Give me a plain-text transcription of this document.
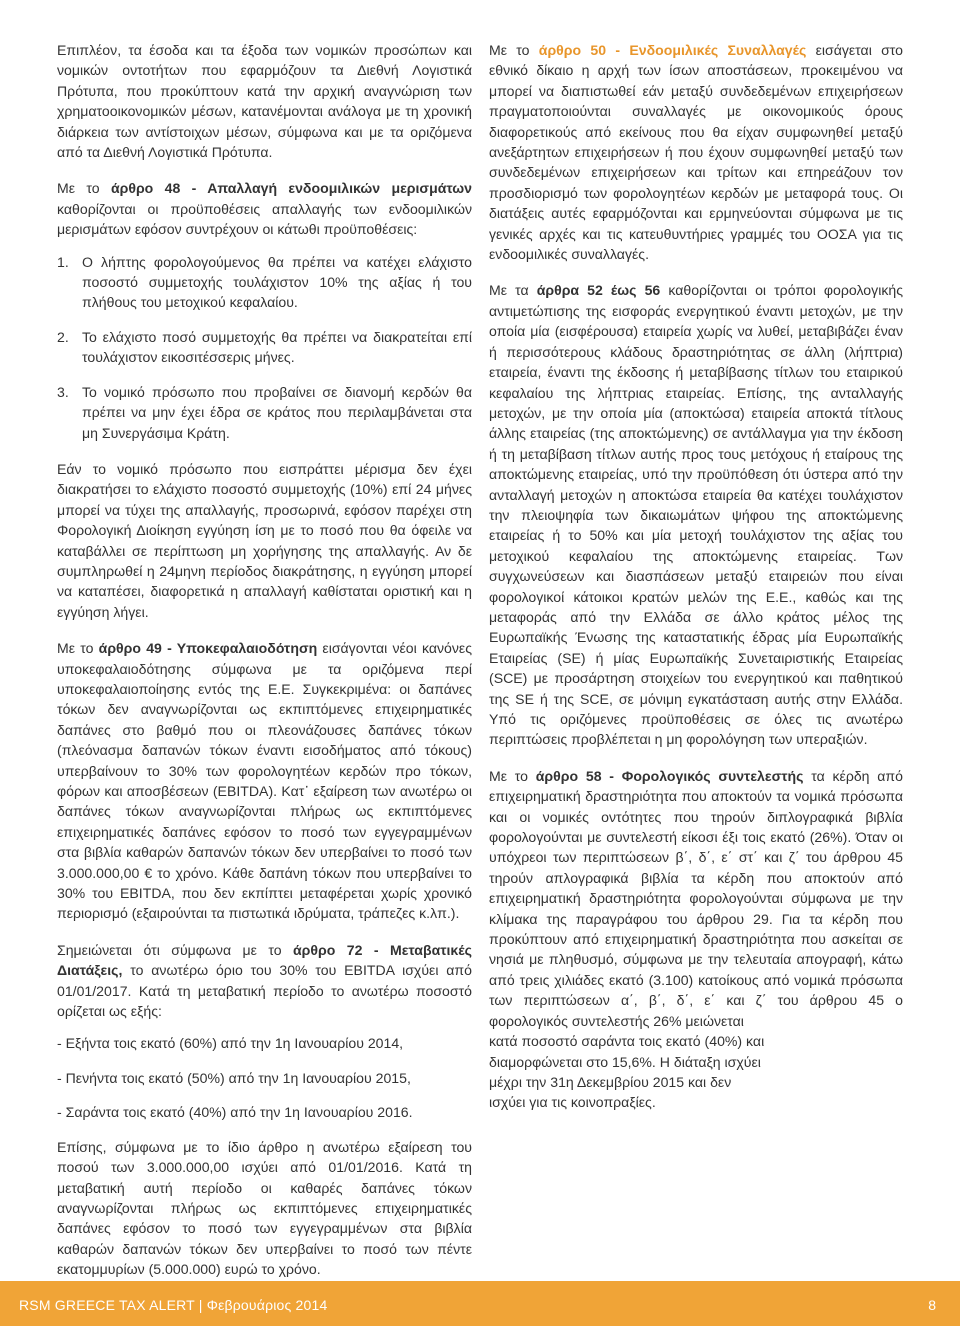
Επιπλέον, τα έσοδα και τα έξοδα των νομικών προσώπων και νομικών οντοτήτων που εφαρμόζουν τα Διεθνή Λογιστικά Πρότυπα, που προκύπτουν κατά την αρχική αναγνώριση των χρηματοοικονομικών μέσων, κατανέμονται ανάλογα με τη χρονική διάρκεια των αντίστοιχων μέσων, σύμφωνα και με τα οριζόμενα από τα Διεθνή Λογιστικά Πρότυπα.

Με το άρθρο 48 - Απαλλαγή ενδοομιλικών μερισμάτων καθορίζονται οι προϋποθέσεις απαλλαγής των ενδοομιλικών μερισμάτων εφόσον συντρέχουν οι κάτωθι προϋποθέσεις:

1. Ο λήπτης φορολογούμενος θα πρέπει να κατέχει ελάχιστο ποσοστό συμμετοχής τουλάχιστον 10% της αξίας ή του πλήθους του μετοχικού κεφαλαίου.
2. Το ελάχιστο ποσό συμμετοχής θα πρέπει να διακρατείται επί τουλάχιστον εικοσιτέσσερις μήνες.
3. Το νομικό πρόσωπο που προβαίνει σε διανομή κερδών θα πρέπει να μην έχει έδρα σε κράτος που περιλαμβάνεται στα μη Συνεργάσιμα Κράτη.

Εάν το νομικό πρόσωπο που εισπράττει μέρισμα δεν έχει διακρατήσει το ελάχιστο ποσοστό συμμετοχής (10%) επί 24 μήνες μπορεί να τύχει της απαλλαγής, προσωρινά, εφόσον παρέχει στη Φορολογική Διοίκηση εγγύηση ίση με το ποσό που θα όφειλε να καταβάλλει σε περίπτωση μη χορήγησης της απαλλαγής. Αν δε συμπληρωθεί η 24μηνη περίοδος διακράτησης, η εγγύηση μπορεί να καταπέσει, διαφορετικά η απαλλαγή καθίσταται οριστική και η εγγύηση λήγει.

Με το άρθρο 49 - Υποκεφαλαιοδότηση εισάγονται νέοι κανόνες υποκεφαλαιοδότησης σύμφωνα με τα οριζόμενα περί υποκεφαλαιοποίησης εντός της Ε.Ε. Συγκεκριμένα: οι δαπάνες τόκων δεν αναγνωρίζονται ως εκπιπτόμενες επιχειρηματικές δαπάνες στο βαθμό που οι πλεονάζουσες δαπάνες τόκων (πλεόνασμα δαπανών τόκων έναντι εισοδήματος από τόκους) υπερβαίνουν το 30% των φορολογητέων κερδών προ τόκων, φόρων και αποσβέσεων (EBITDA). Κατ᾽ εξαίρεση των ανωτέρω οι δαπάνες τόκων αναγνωρίζονται πλήρως ως εκπιπτόμενες επιχειρηματικές δαπάνες εφόσον το ποσό των εγγεγραμμένων στα βιβλία καθαρών δαπανών τόκων δεν υπερβαίνει το ποσό των 3.000.000,00 € το χρόνο. Κάθε δαπάνη τόκων που υπερβαίνει το 30% του EBITDA, που δεν εκπίπτει μεταφέρεται χωρίς χρονικό περιορισμό (εξαιρούνται τα πιστωτικά ιδρύματα, τράπεζες κ.λπ.).

Σημειώνεται ότι σύμφωνα με το άρθρο 72 - Μεταβατικές Διατάξεις, το ανωτέρω όριο του 30% του EBITDA ισχύει από 01/01/2017. Κατά τη μεταβατική περίοδο το ανωτέρω ποσοστό ορίζεται ως εξής:

- Εξήντα τοις εκατό (60%) από την 1η Ιανουαρίου 2014,
- Πενήντα τοις εκατό (50%) από την 1η Ιανουαρίου 2015,
- Σαράντα τοις εκατό (40%) από την 1η Ιανουαρίου 2016.

Επίσης, σύμφωνα με το ίδιο άρθρο η ανωτέρω εξαίρεση του ποσού των 3.000.000,00 ισχύει από 01/01/2016. Κατά τη μεταβατική αυτή περίοδο οι καθαρές δαπάνες τόκων αναγνωρίζονται πλήρως ως εκπιπτόμενες επιχειρηματικές δαπάνες εφόσον το ποσό των εγγεγραμμένων στα βιβλία καθαρών δαπανών τόκων δεν υπερβαίνει το ποσό των πέντε εκατομμυρίων (5.000.000) ευρώ το χρόνο.

Με το άρθρο 50 - Ενδοομιλικές Συναλλαγές εισάγεται στο εθνικό δίκαιο η αρχή των ίσων αποστάσεων, προκειμένου να μπορεί να διαπιστωθεί εάν μεταξύ συνδεδεμένων επιχειρήσεων πραγματοποιούνται συναλλαγές με οικονομικούς όρους διαφορετικούς από εκείνους που θα είχαν συμφωνηθεί μεταξύ ανεξάρτητων επιχειρήσεων ή που έχουν συμφωνηθεί μεταξύ των συνδεδεμένων επιχειρήσεων και τρίτων και επηρεάζουν τον προσδιορισμό των φορολογητέων κερδών με μεταφορά τους. Οι διατάξεις αυτές εφαρμόζονται και ερμηνεύονται σύμφωνα με τις γενικές αρχές και τις κατευθυντήριες γραμμές του ΟΟΣΑ για τις ενδοομιλικές συναλλαγές.

Με τα άρθρα 52 έως 56 καθορίζονται οι τρόποι φορολογικής αντιμετώπισης της εισφοράς ενεργητικού έναντι μετοχών, με την οποία μία (εισφέρουσα) εταιρεία χωρίς να λυθεί, μεταβιβάζει έναν ή περισσότερους κλάδους δραστηριότητας σε άλλη (λήπτρια) εταιρεία, έναντι της έκδοσης ή μεταβίβασης τίτλων του εταιρικού κεφαλαίου της λήπτριας εταιρείας. Επίσης, της ανταλλαγής μετοχών, με την οποία μία (αποκτώσα) εταιρεία αποκτά τίτλους άλλης εταιρείας (της αποκτώμενης) σε αντάλλαγμα για την έκδοση ή τη μεταβίβαση τίτλων αυτής προς τους μετόχους ή εταίρους της αποκτώμενης εταιρείας, υπό την προϋπόθεση ότι ύστερα από την ανταλλαγή μετοχών η αποκτώσα εταιρεία θα κατέχει τουλάχιστον την πλειοψηφία των δικαιωμάτων ψήφου της αποκτώμενης εταιρείας ή το 50% και μία μετοχή τουλάχιστον της αξίας του μετοχικού κεφαλαίου της αποκτώμενης εταιρείας. Των συγχωνεύσεων και διασπάσεων μεταξύ εταιρειών που είναι φορολογικοί κάτοικοι κρατών μελών της Ε.Ε., καθώς και της μεταφοράς από την Ελλάδα σε άλλο κράτος μέλος της Ευρωπαϊκής Ένωσης της καταστατικής έδρας μία Ευρωπαϊκής Εταιρείας (SE) ή μίας Ευρωπαϊκής Συνεταιριστικής Εταιρείας (SCE) με προσάρτηση στοιχείων του ενεργητικού και παθητικού της SE ή της SCE, σε μόνιμη εγκατάσταση αυτής στην Ελλάδα. Υπό τις οριζόμενες προϋποθέσεις σε όλες τις ανωτέρω περιπτώσεις προβλέπεται η μη φορολόγηση των υπεραξιών.

Με το άρθρο 58 - Φορολογικός συντελεστής τα κέρδη από επιχειρηματική δραστηριότητα που αποκτούν τα νομικά πρόσωπα και οι νομικές οντότητες που τηρούν διπλογραφικά βιβλία φορολογούνται με συντελεστή είκοσι έξι τοις εκατό (26%). Όταν οι υπόχρεοι των περιπτώσεων β΄, δ΄, ε΄ στ΄ και ζ΄ του άρθρου 45 τηρούν απλογραφικά βιβλία τα κέρδη που αποκτούν από επιχειρηματική δραστηριότητα φορολογούνται σύμφωνα με την κλίμακα της παραγράφου του άρθρου 29. Για τα κέρδη που προκύπτουν από επιχειρηματική δραστηριότητα που ασκείται σε νησιά με πληθυσμό, σύμφωνα με την τελευταία απογραφή, κάτω από τρεις χιλιάδες εκατό (3.100) κατοίκους από νομικά πρόσωπα των περιπτώσεων α΄, β΄, δ΄, ε΄ και ζ΄ του άρθρου 45 ο φορολογικός συντελεστής 26% μειώνεται

κατά ποσοστό σαράντα τοις εκατό (40%) και διαμορφώνεται στο 15,6%. Η διάταξη ισχύει μέχρι την 31η Δεκεμβρίου 2015 και δεν ισχύει για τις κοινοπραξίες.

RSM GREECE TAX ALERT | Φεβρουάριος 2014	8
